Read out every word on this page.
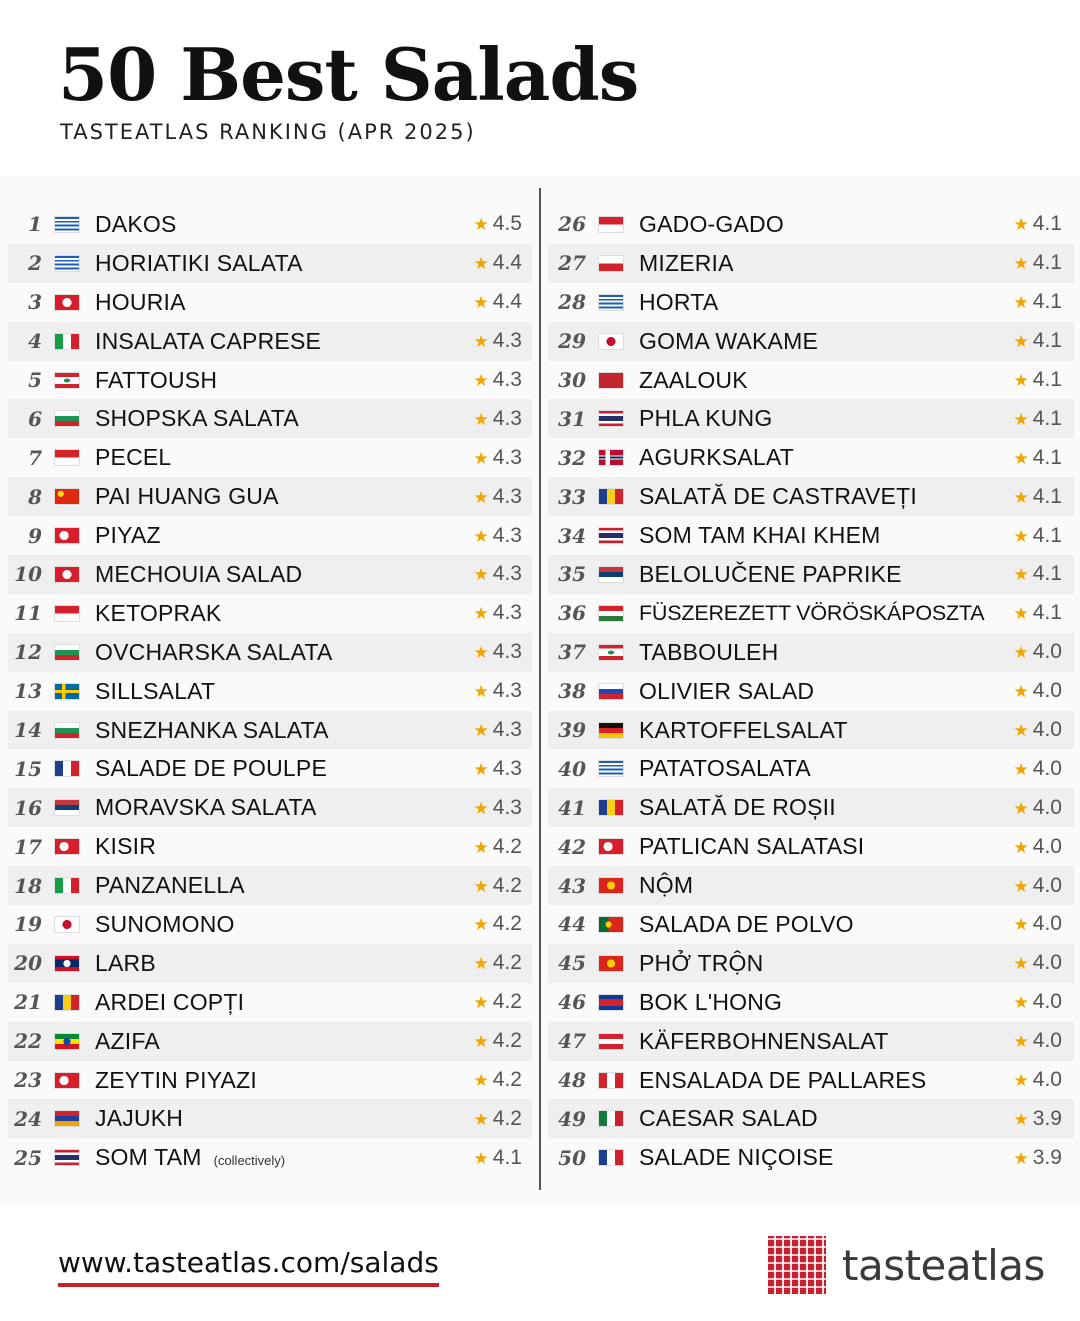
50 Best Salads
TASTEATLAS RANKING (APR 2025)
1	DAKOS	★ 4.5
2	HORIATIKI SALATA	★ 4.4
3	HOURIA	★ 4.4
4	INSALATA CAPRESE	★ 4.3
5	FATTOUSH	★ 4.3
6	SHOPSKA SALATA	★ 4.3
7	PECEL	★ 4.3
8	PAI HUANG GUA	★ 4.3
9	PIYAZ	★ 4.3
10	MECHOUIA SALAD	★ 4.3
11	KETOPRAK	★ 4.3
12	OVCHARSKA SALATA	★ 4.3
13	SILLSALAT	★ 4.3
14	SNEZHANKA SALATA	★ 4.3
15	SALADE DE POULPE	★ 4.3
16	MORAVSKA SALATA	★ 4.3
17	KISIR	★ 4.2
18	PANZANELLA	★ 4.2
19	SUNOMONO	★ 4.2
20	LARB	★ 4.2
21	ARDEI COPȚI	★ 4.2
22	AZIFA	★ 4.2
23	ZEYTIN PIYAZI	★ 4.2
24	JAJUKH	★ 4.2
25	SOM TAM (collectively)	★ 4.1
26	GADO-GADO	★ 4.1
27	MIZERIA	★ 4.1
28	HORTA	★ 4.1
29	GOMA WAKAME	★ 4.1
30	ZAALOUK	★ 4.1
31	PHLA KUNG	★ 4.1
32	AGURKSALAT	★ 4.1
33	SALATĂ DE CASTRAVEȚI	★ 4.1
34	SOM TAM KHAI KHEM	★ 4.1
35	BELOLUČENE PAPRIKE	★ 4.1
36	FÜSZEREZETT VÖRÖSKÁPOSZTA	★ 4.1
37	TABBOULEH	★ 4.0
38	OLIVIER SALAD	★ 4.0
39	KARTOFFELSALAT	★ 4.0
40	PATATOSALATA	★ 4.0
41	SALATĂ DE ROȘII	★ 4.0
42	PATLICAN SALATASI	★ 4.0
43	NỘM	★ 4.0
44	SALADA DE POLVO	★ 4.0
45	PHỞ TRỘN	★ 4.0
46	BOK L'HONG	★ 4.0
47	KÄFERBOHNENSALAT	★ 4.0
48	ENSALADA DE PALLARES	★ 4.0
49	CAESAR SALAD	★ 3.9
50	SALADE NIÇOISE	★ 3.9
www.tasteatlas.com/salads	tasteatlas
